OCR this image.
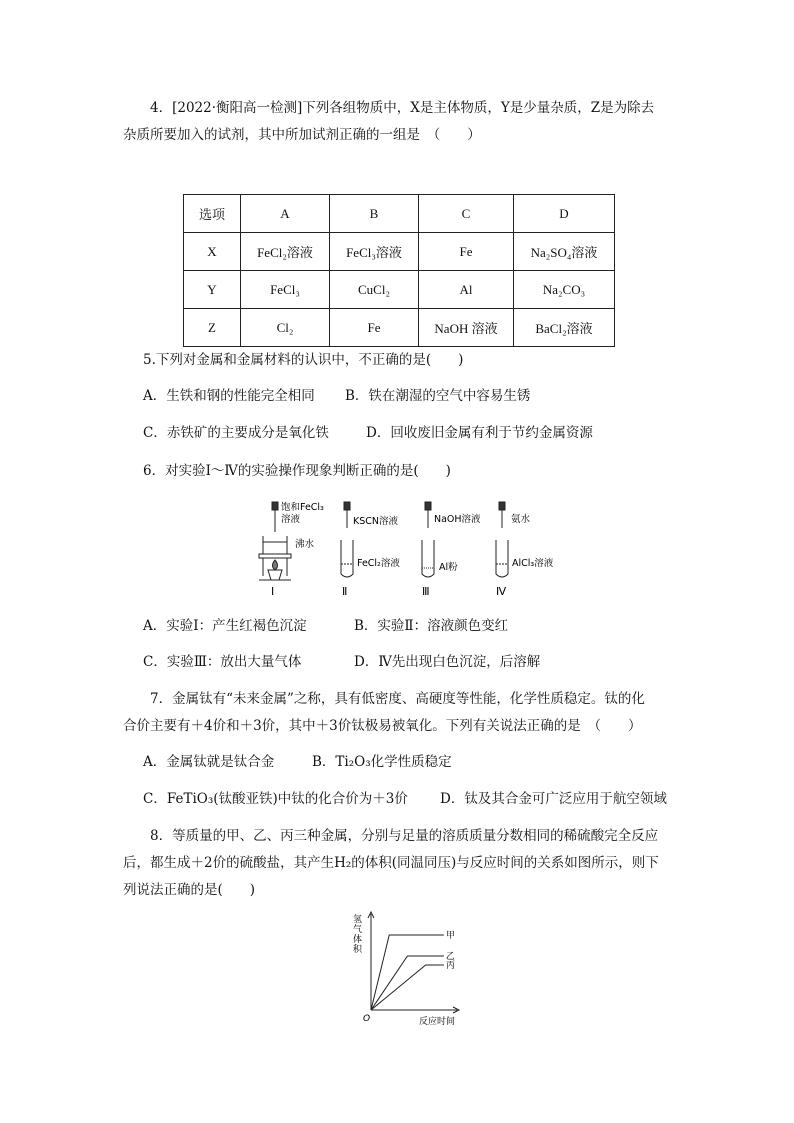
4．[2022·衡阳高一检测]下列各组物质中，X是主体物质，Y是少量杂质，Z是为除去
杂质所要加入的试剂，其中所加试剂正确的一组是　（　　）
选项	A	B	C	D
X	FeCl₂溶液	FeCl₃溶液	Fe	Na₂SO₄溶液
Y	FeCl₃	CuCl₂	Al	Na₂CO₃
Z	Cl₂	Fe	NaOH 溶液	BaCl₂溶液
5.下列对金属和金属材料的认识中，不正确的是(　　)
A．生铁和钢的性能完全相同 B．铁在潮湿的空气中容易生锈
C．赤铁矿的主要成分是氧化铁	D．回收废旧金属有利于节约金属资源
6．对实验Ⅰ～Ⅳ的实验操作现象判断正确的是(　　)
饱和FeCl₃
溶液
沸水
KSCN溶液
FeCl₂溶液
NaOH溶液
Al粉
氨水
AlCl₃溶液
Ⅰ	Ⅱ	Ⅲ	Ⅳ
A．实验Ⅰ：产生红褐色沉淀	B．实验Ⅱ：溶液颜色变红
C．实验Ⅲ：放出大量气体	D．Ⅳ先出现白色沉淀，后溶解
7．金属钛有“未来金属”之称，具有低密度、高硬度等性能，化学性质稳定。钛的化
合价主要有＋4价和＋3价，其中＋3价钛极易被氧化。下列有关说法正确的是　（　　）
A．金属钛就是钛合金	B．Ti₂O₃化学性质稳定
C．FeTiO₃(钛酸亚铁)中钛的化合价为＋3价 D．钛及其合金可广泛应用于航空领域
8．等质量的甲、乙、丙三种金属，分别与足量的溶质质量分数相同的稀硫酸完全反应
后，都生成＋2价的硫酸盐，其产生H₂的体积(同温同压)与反应时间的关系如图所示，则下
列说法正确的是(　　)
甲
乙
丙
氢
气
体
积
O	反应时间
